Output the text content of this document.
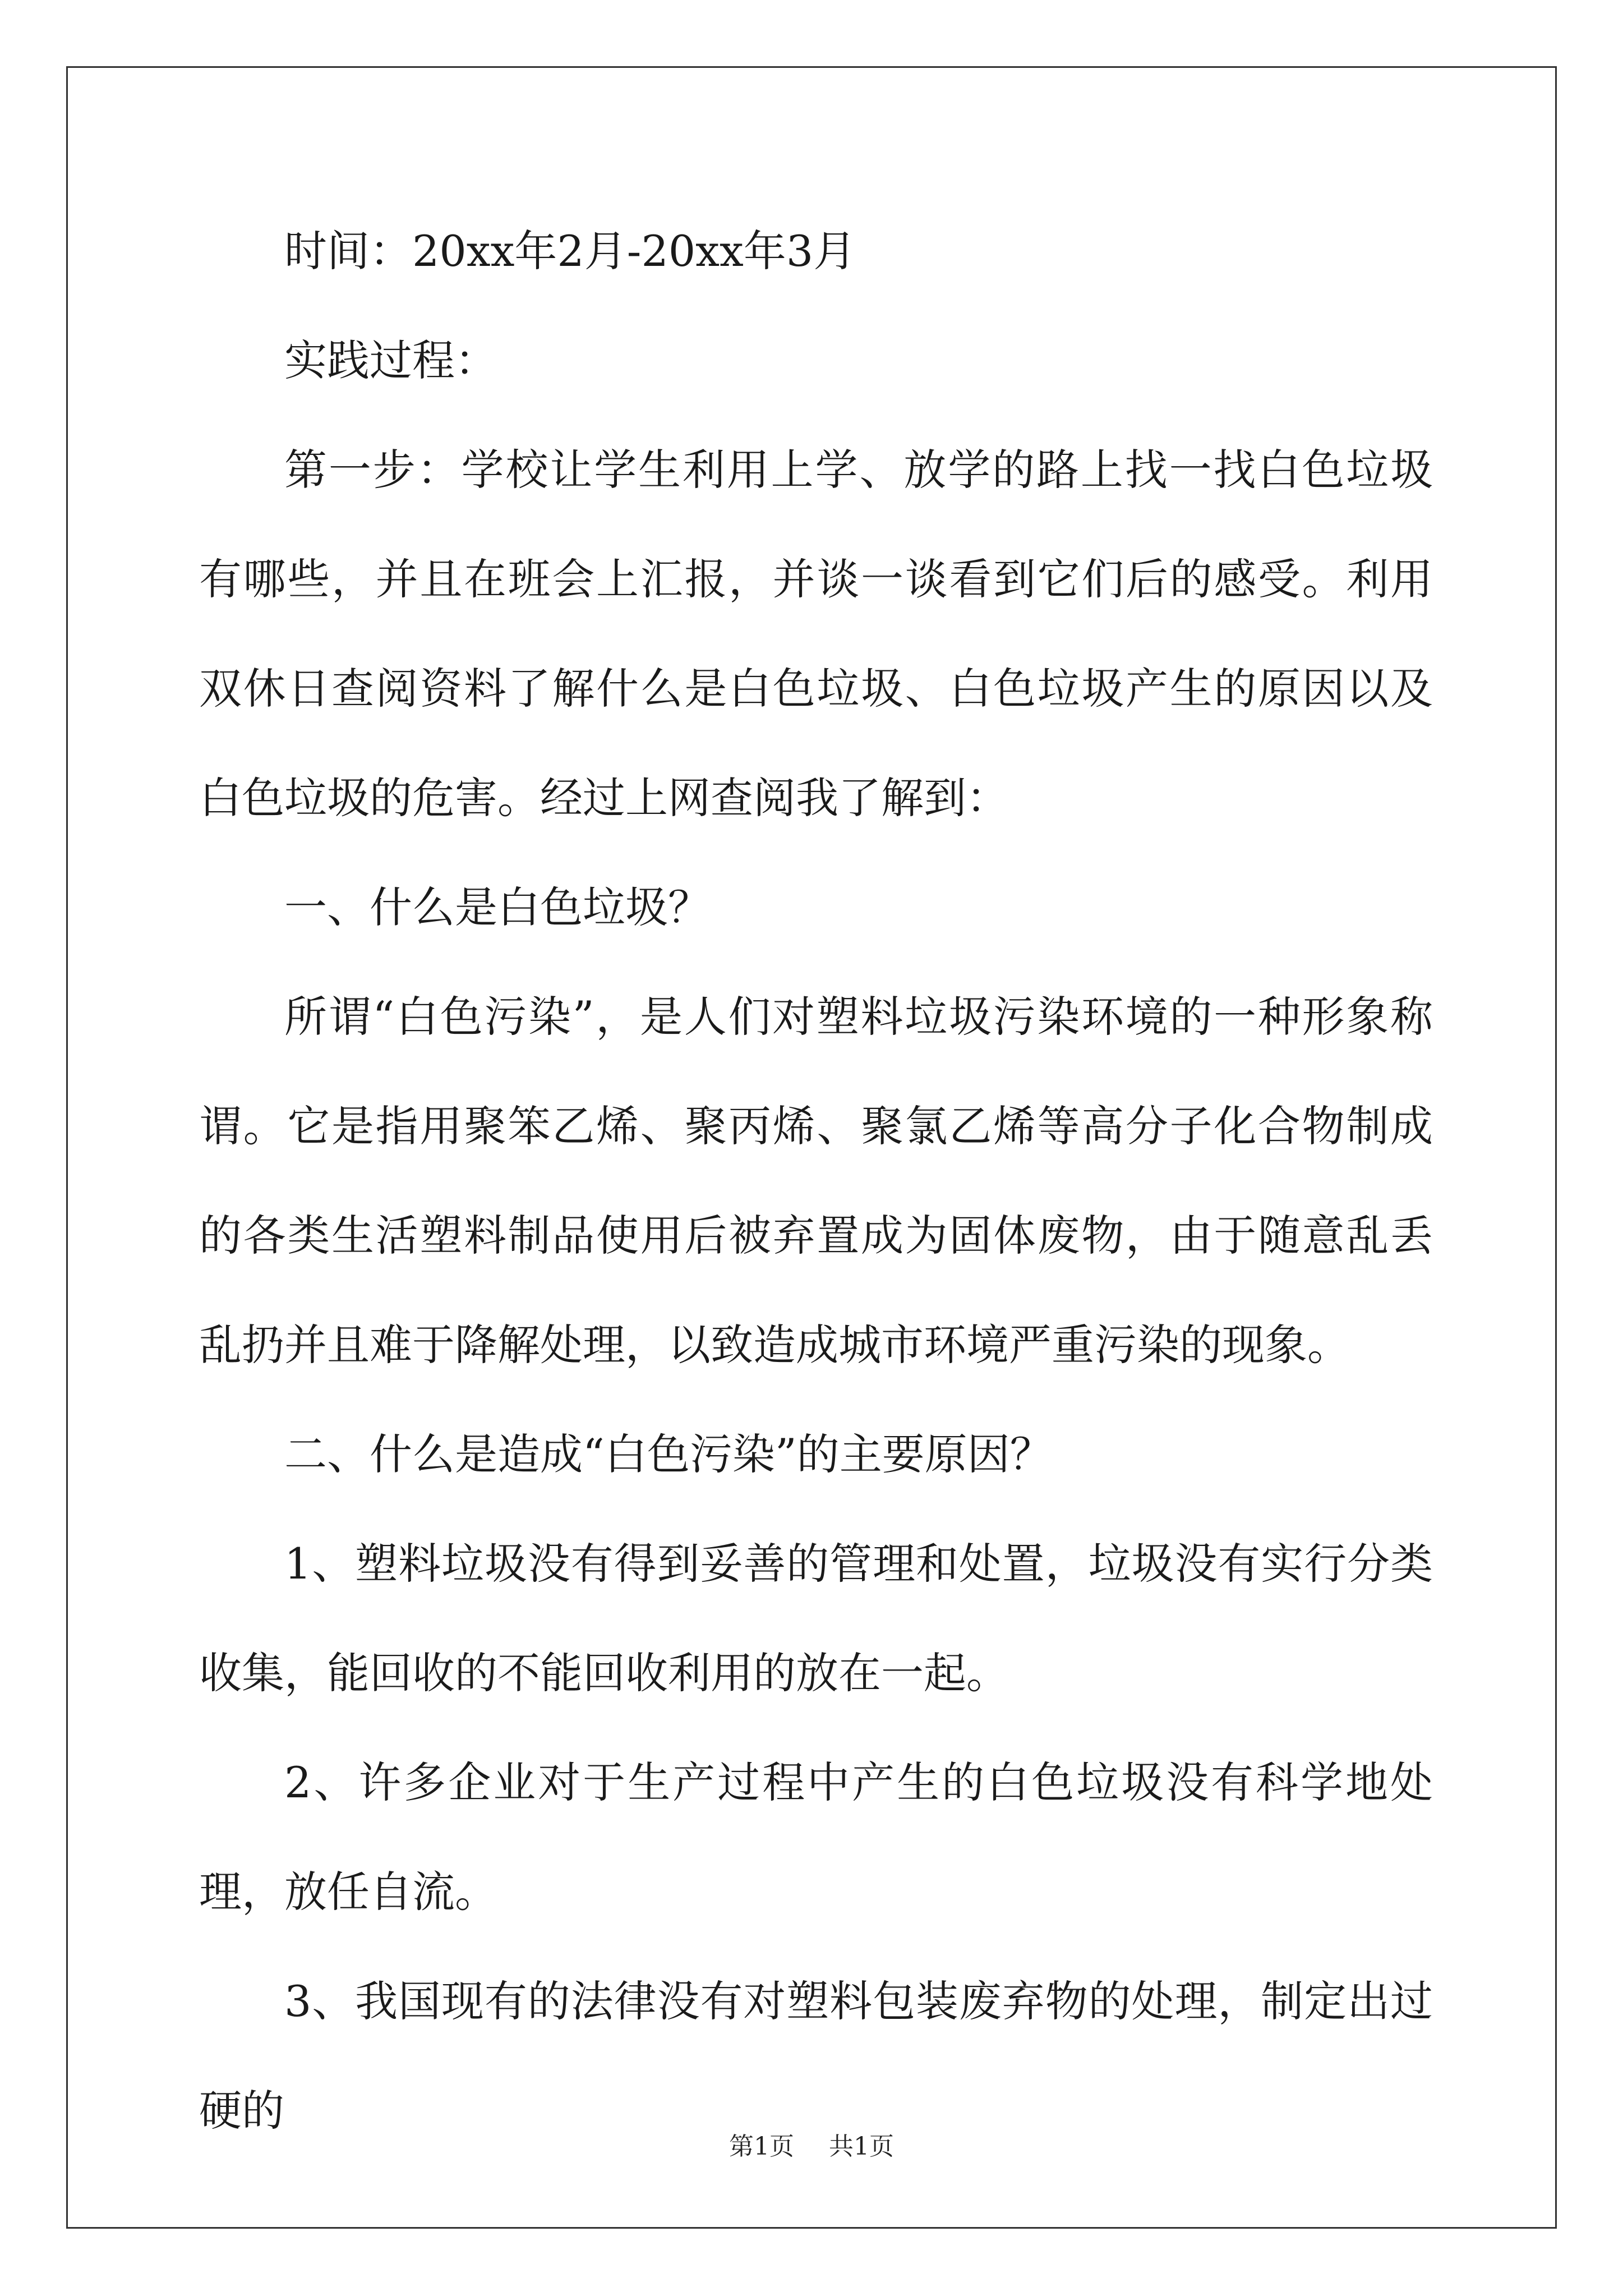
时间：20xx年2月-20xx年3月

实践过程：

第一步：学校让学生利用上学、放学的路上找一找白色垃圾有哪些，并且在班会上汇报，并谈一谈看到它们后的感受。利用双休日查阅资料了解什么是白色垃圾、白色垃圾产生的原因以及白色垃圾的危害。经过上网查阅我了解到：

一、什么是白色垃圾？

所谓“白色污染”，是人们对塑料垃圾污染环境的一种形象称谓。它是指用聚笨乙烯、聚丙烯、聚氯乙烯等高分子化合物制成的各类生活塑料制品使用后被弃置成为固体废物，由于随意乱丢乱扔并且难于降解处理，以致造成城市环境严重污染的现象。

二、什么是造成“白色污染”的主要原因？

1、塑料垃圾没有得到妥善的管理和处置，垃圾没有实行分类收集，能回收的不能回收利用的放在一起。

2、许多企业对于生产过程中产生的白色垃圾没有科学地处理，放任自流。

3、我国现有的法律没有对塑料包装废弃物的处理，制定出过硬的

第1页 共1页
